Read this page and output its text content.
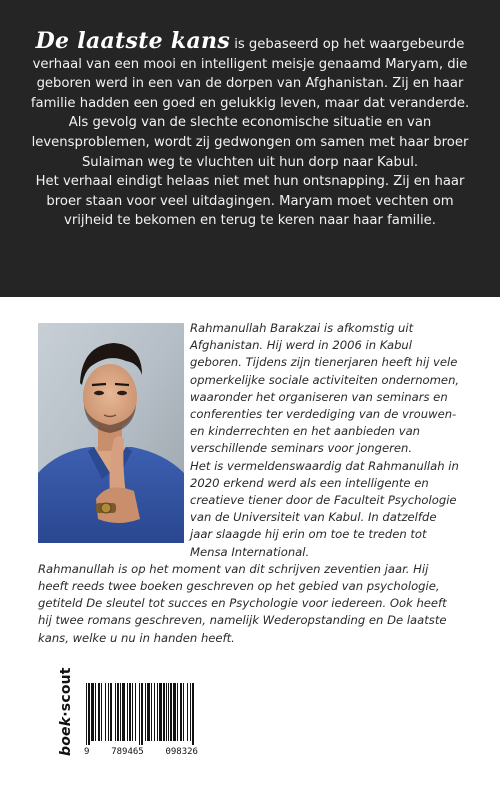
De laatste kans is gebaseerd op het waargebeurde verhaal van een mooi en intelligent meisje genaamd Maryam, die geboren werd in een van de dorpen van Afghanistan. Zij en haar familie hadden een goed en gelukkig leven, maar dat veranderde. Als gevolg van de slechte economische situatie en van levensproblemen, wordt zij gedwongen om samen met haar broer Sulaiman weg te vluchten uit hun dorp naar Kabul.

Het verhaal eindigt helaas niet met hun ontsnapping. Zij en haar broer staan voor veel uitdagingen. Maryam moet vechten om vrijheid te bekomen en terug te keren naar haar familie.

Rahmanullah Barakzai is afkomstig uit Afghanistan. Hij werd in 2006 in Kabul geboren. Tijdens zijn tienerjaren heeft hij vele opmerkelijke sociale activiteiten ondernomen, waaronder het organiseren van seminars en conferenties ter verdediging van de vrouwen- en kinderrechten en het aanbieden van verschillende seminars voor jongeren.

Het is vermeldenswaardig dat Rahmanullah in 2020 erkend werd als een intelligente en creatieve tiener door de Faculteit Psychologie van de Universiteit van Kabul. In datzelfde jaar slaagde hij erin om toe te treden tot Mensa International.

Rahmanullah is op het moment van dit schrijven zeventien jaar. Hij heeft reeds twee boeken geschreven op het gebied van psychologie, getiteld De sleutel tot succes en Psychologie voor iedereen. Ook heeft hij twee romans geschreven, namelijk Wederopstanding en De laatste kans, welke u nu in handen heeft.

boek·scout
9 789465 098326
